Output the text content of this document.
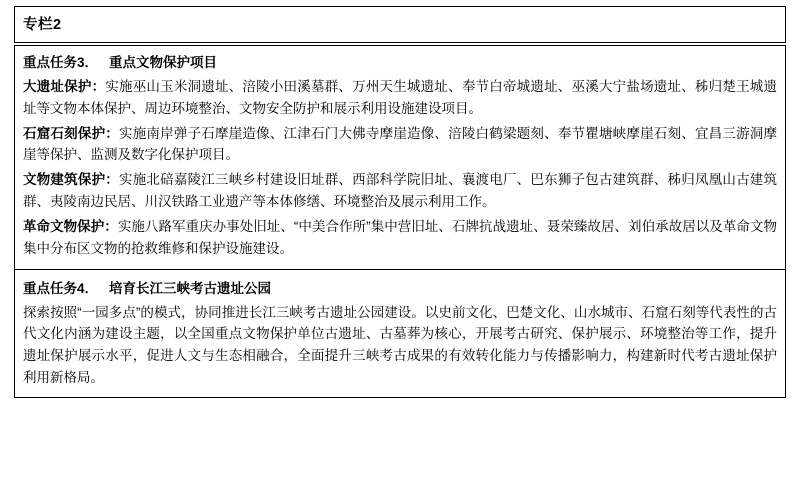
专栏2

重点任务3． 重点文物保护项目

大遗址保护：实施巫山玉米洞遗址、涪陵小田溪墓群、万州天生城遗址、奉节白帝城遗址、巫溪大宁盐场遗址、秭归楚王城遗址等文物本体保护、周边环境整治、文物安全防护和展示利用设施建设项目。

石窟石刻保护：实施南岸弹子石摩崖造像、江津石门大佛寺摩崖造像、涪陵白鹤梁题刻、奉节瞿塘峡摩崖石刻、宜昌三游洞摩崖等保护、监测及数字化保护项目。

文物建筑保护：实施北碚嘉陵江三峡乡村建设旧址群、西部科学院旧址、襄渡电厂、巴东狮子包古建筑群、秭归凤凰山古建筑群、夷陵南边民居、川汉铁路工业遗产等本体修缮、环境整治及展示利用工作。

革命文物保护：实施八路军重庆办事处旧址、“中美合作所”集中营旧址、石牌抗战遗址、聂荣臻故居、刘伯承故居以及革命文物集中分布区文物的抢救维修和保护设施建设。

重点任务4． 培育长江三峡考古遗址公园

探索按照“一园多点”的模式，协同推进长江三峡考古遗址公园建设。以史前文化、巴楚文化、山水城市、石窟石刻等代表性的古代文化内涵为建设主题，以全国重点文物保护单位古遗址、古墓葬为核心，开展考古研究、保护展示、环境整治等工作，提升遗址保护展示水平，促进人文与生态相融合，全面提升三峡考古成果的有效转化能力与传播影响力，构建新时代考古遗址保护利用新格局。
